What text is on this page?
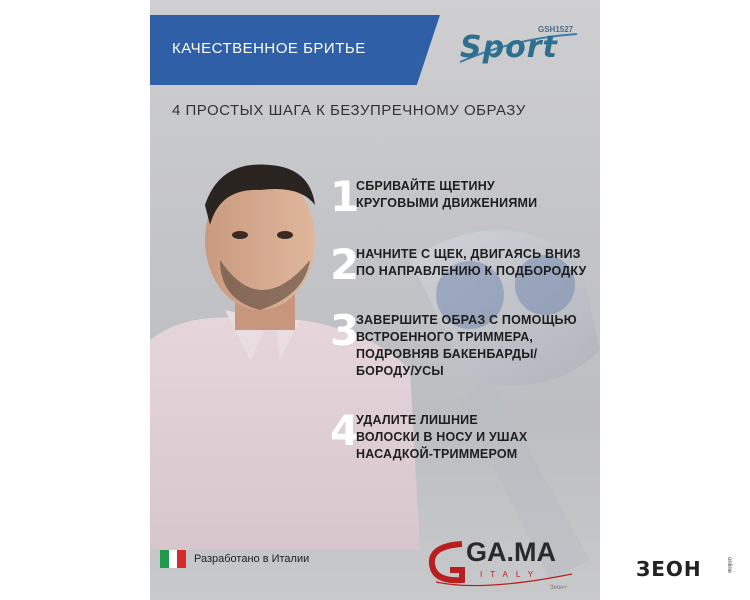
КАЧЕСТВЕННОЕ БРИТЬЕ
GSH1527
Sport
4 ПРОСТЫХ ШАГА К БЕЗУПРЕЧНОМУ ОБРАЗУ
1
СБРИВАЙТЕ ЩЕТИНУ
КРУГОВЫМИ ДВИЖЕНИЯМИ
2
НАЧНИТЕ С ЩЕК, ДВИГАЯСЬ ВНИЗ
ПО НАПРАВЛЕНИЮ К ПОДБОРОДКУ
3
ЗАВЕРШИТЕ ОБРАЗ С ПОМОЩЬЮ
ВСТРОЕННОГО ТРИММЕРА,
ПОДРОВНЯВ БАКЕНБАРДЫ/
БОРОДУ/УСЫ
4
УДАЛИТЕ ЛИШНИЕ
ВОЛОСКИ В НОСУ И УШАХ
НАСАДКОЙ-ТРИММЕРОМ
Разработано в Италии	GA.MA
ITALY
Зеон+
ЗЕОН	online
